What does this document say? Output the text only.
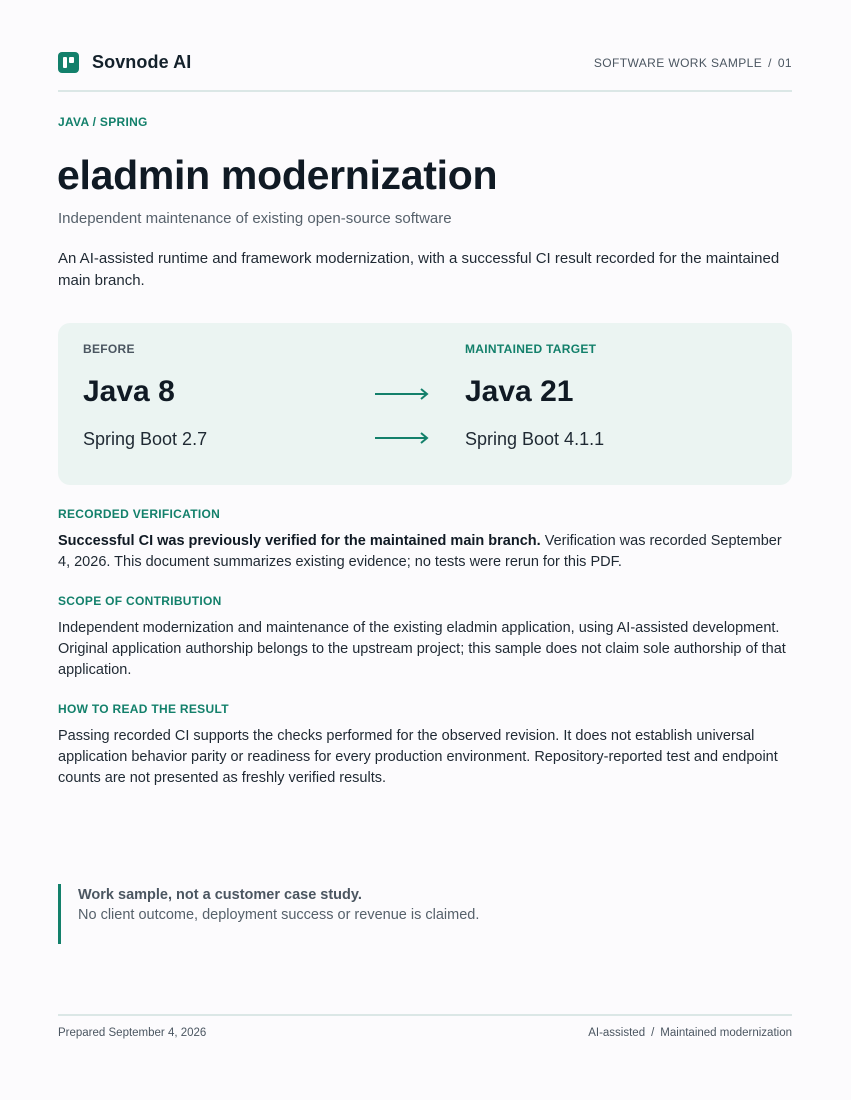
Sovnode AI	SOFTWARE WORK SAMPLE / 01
JAVA / SPRING
eladmin modernization
Independent maintenance of existing open-source software

An AI-assisted runtime and framework modernization, with a successful CI result recorded for the maintained main branch.

BEFORE	MAINTAINED TARGET
Java 8	Java 21
Spring Boot 2.7	Spring Boot 4.1.1
RECORDED VERIFICATION

Successful CI was previously verified for the maintained main branch. Verification was recorded September 4, 2026. This document summarizes existing evidence; no tests were rerun for this PDF.

SCOPE OF CONTRIBUTION

Independent modernization and maintenance of the existing eladmin application, using AI-assisted development. Original application authorship belongs to the upstream project; this sample does not claim sole authorship of that application.

HOW TO READ THE RESULT

Passing recorded CI supports the checks performed for the observed revision. It does not establish universal application behavior parity or readiness for every production environment. Repository-reported test and endpoint counts are not presented as freshly verified results.

Work sample, not a customer case study.
No client outcome, deployment success or revenue is claimed.
Prepared September 4, 2026	AI-assisted / Maintained modernization
